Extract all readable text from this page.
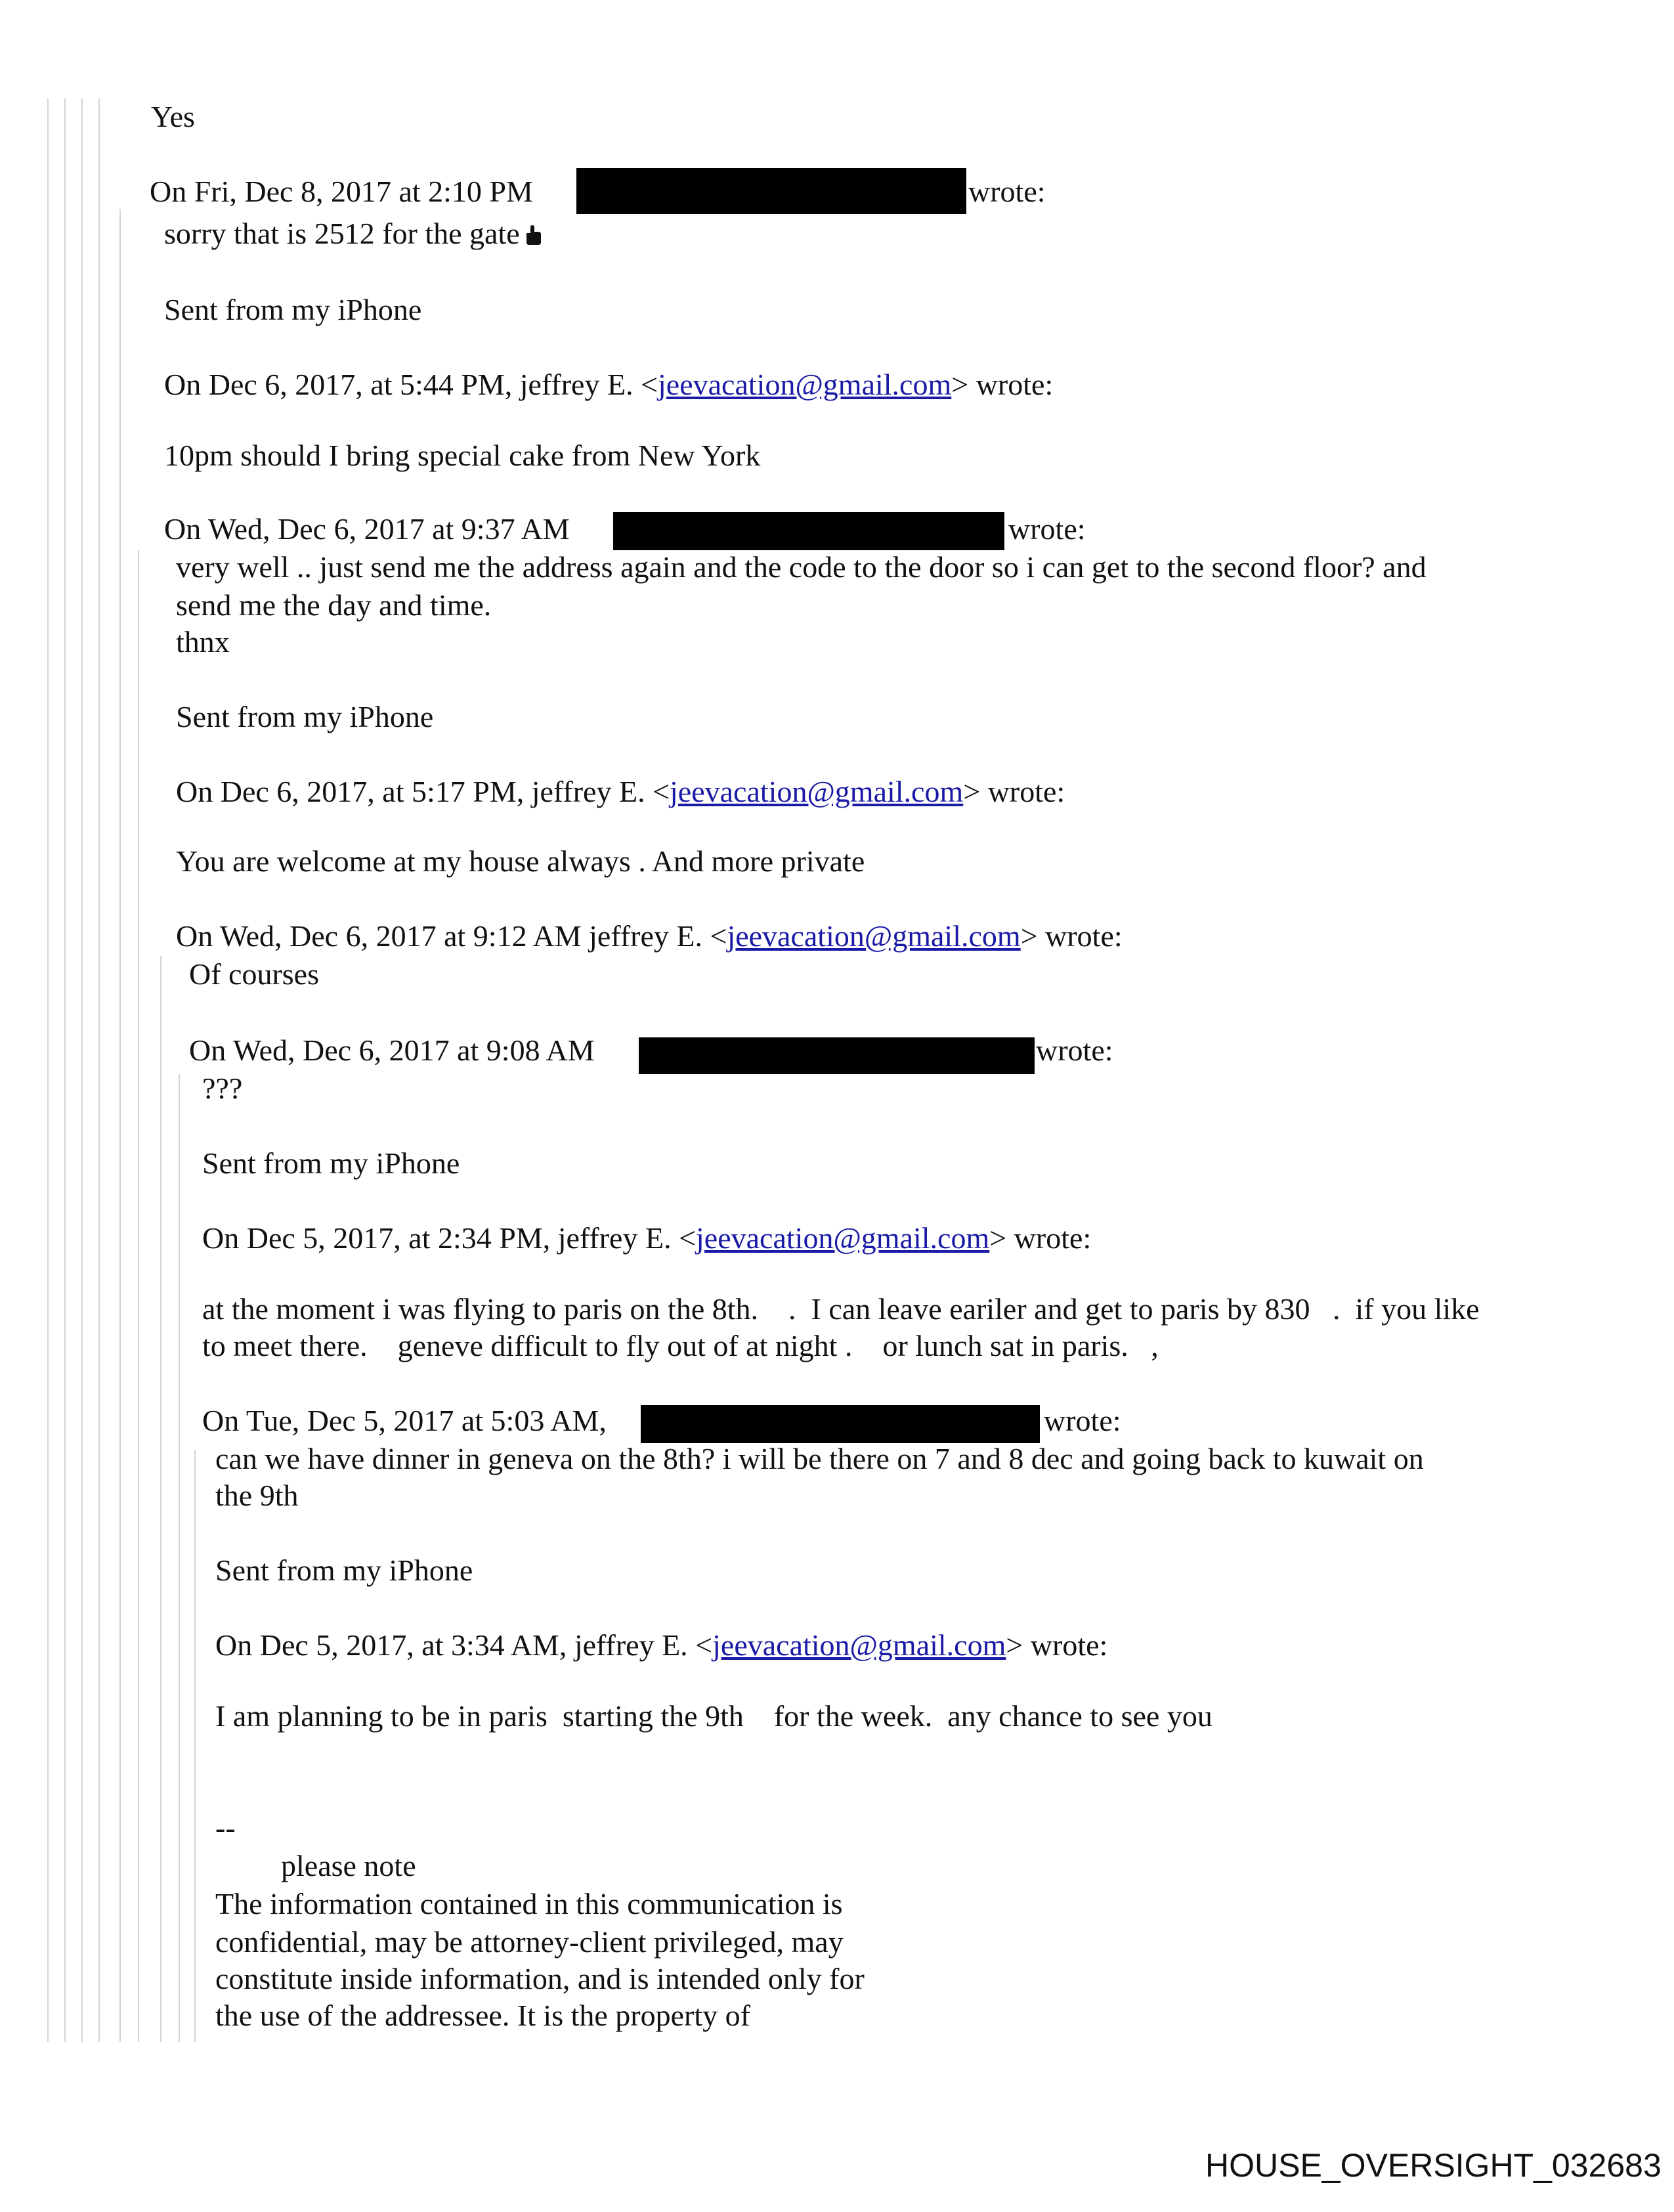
Yes
On Fri, Dec 8, 2017 at 2:10 PM	wrote:
sorry that is 2512 for the gate
Sent from my iPhone
On Dec 6, 2017, at 5:44 PM, jeffrey E. <jeevacation@gmail.com> wrote:
10pm should I bring special cake from New York
On Wed, Dec 6, 2017 at 9:37 AM	wrote:
very well .. just send me the address again and the code to the door so i can get to the second floor? and
send me the day and time.
thnx
Sent from my iPhone
On Dec 6, 2017, at 5:17 PM, jeffrey E. <jeevacation@gmail.com> wrote:
You are welcome at my house always . And more private
On Wed, Dec 6, 2017 at 9:12 AM jeffrey E. <jeevacation@gmail.com> wrote:
Of courses
On Wed, Dec 6, 2017 at 9:08 AM	wrote:
???
Sent from my iPhone
On Dec 5, 2017, at 2:34 PM, jeffrey E. <jeevacation@gmail.com> wrote:
at the moment i was flying to paris on the 8th.    .  I can leave eariler and get to paris by 830   .  if you like
to meet there.    geneve difficult to fly out of at night .    or lunch sat in paris.   ,
On Tue, Dec 5, 2017 at 5:03 AM,	wrote:
can we have dinner in geneva on the 8th? i will be there on 7 and 8 dec and going back to kuwait on
the 9th
Sent from my iPhone
On Dec 5, 2017, at 3:34 AM, jeffrey E. <jeevacation@gmail.com> wrote:
I am planning to be in paris  starting the 9th    for the week.  any chance to see you
--
please note
The information contained in this communication is
confidential, may be attorney-client privileged, may
constitute inside information, and is intended only for
the use of the addressee. It is the property of
HOUSE_OVERSIGHT_032683
